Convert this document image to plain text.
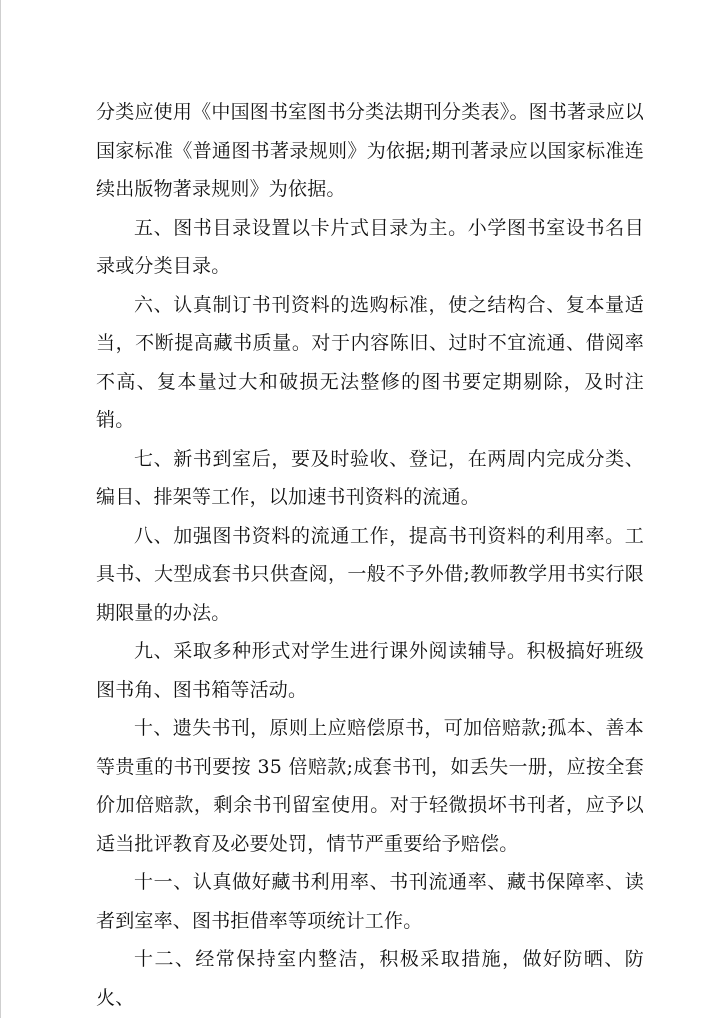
分类应使用《中国图书室图书分类法期刊分类表》。图书著录应以国家标准《普通图书著录规则》为依据;期刊著录应以国家标准连续出版物著录规则》为依据。

五、图书目录设置以卡片式目录为主。小学图书室设书名目录或分类目录。

六、认真制订书刊资料的选购标准，使之结构合、复本量适当，不断提高藏书质量。对于内容陈旧、过时不宜流通、借阅率不高、复本量过大和破损无法整修的图书要定期剔除，及时注销。

七、新书到室后，要及时验收、登记，在两周内完成分类、编目、排架等工作，以加速书刊资料的流通。

八、加强图书资料的流通工作，提高书刊资料的利用率。工具书、大型成套书只供查阅，一般不予外借;教师教学用书实行限期限量的办法。

九、采取多种形式对学生进行课外阅读辅导。积极搞好班级图书角、图书箱等活动。

十、遗失书刊，原则上应赔偿原书，可加倍赔款;孤本、善本等贵重的书刊要按 35 倍赔款;成套书刊，如丢失一册，应按全套价加倍赔款，剩余书刊留室使用。对于轻微损坏书刊者，应予以适当批评教育及必要处罚，情节严重要给予赔偿。

十一、认真做好藏书利用率、书刊流通率、藏书保障率、读者到室率、图书拒借率等项统计工作。

十二、经常保持室内整洁，积极采取措施，做好防晒、防火、
